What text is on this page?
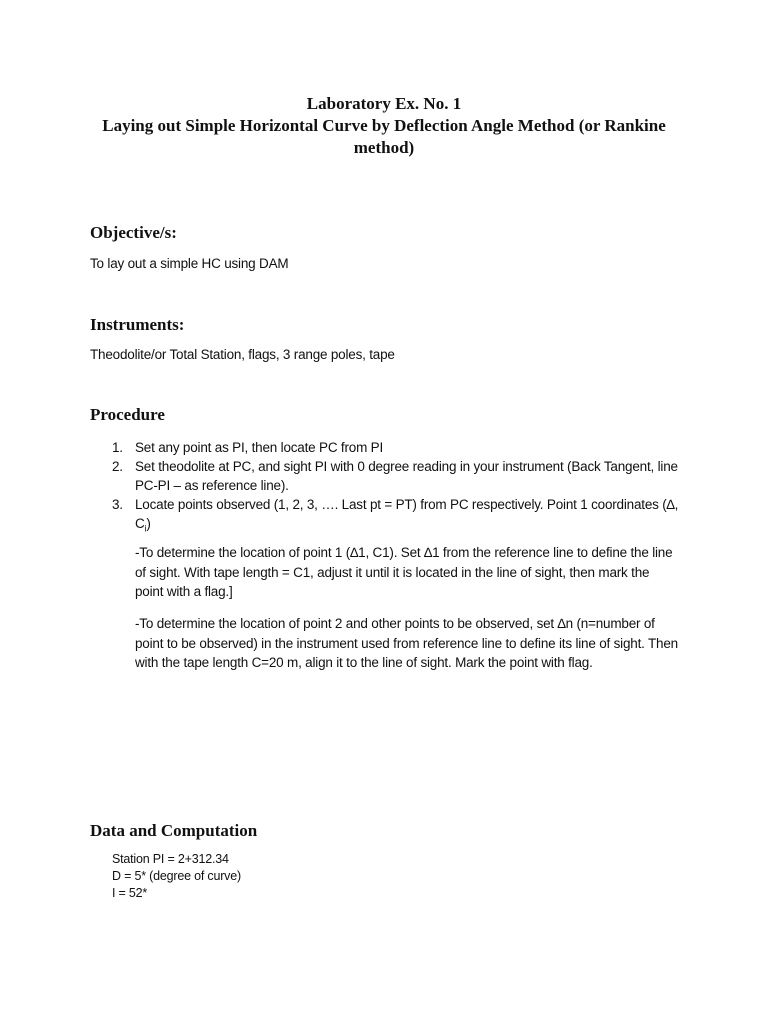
Laboratory Ex. No. 1
Laying out Simple Horizontal Curve by Deflection Angle Method (or Rankine
method)
Objective/s:
To lay out a simple HC using DAM
Instruments:
Theodolite/or Total Station, flags, 3 range poles, tape
Procedure
1. Set any point as PI, then locate PC from PI
2. Set theodolite at PC, and sight PI with 0 degree reading in your instrument (Back Tangent, line PC-PI – as reference line).
3. Locate points observed (1, 2, 3, …. Last pt = PT) from PC respectively. Point 1 coordinates (∆, $C_i$)
-To determine the location of point 1 (∆1, C1). Set ∆1 from the reference line to define the line of sight. With tape length = C1, adjust it until it is located in the line of sight, then mark the point with a flag.]
-To determine the location of point 2 and other points to be observed, set ∆n (n=number of point to be observed) in the instrument used from reference line to define its line of sight. Then with the tape length C=20 m, align it to the line of sight. Mark the point with flag.
Data and Computation
Station PI = 2+312.34
D = 5* (degree of curve)
I = 52*
